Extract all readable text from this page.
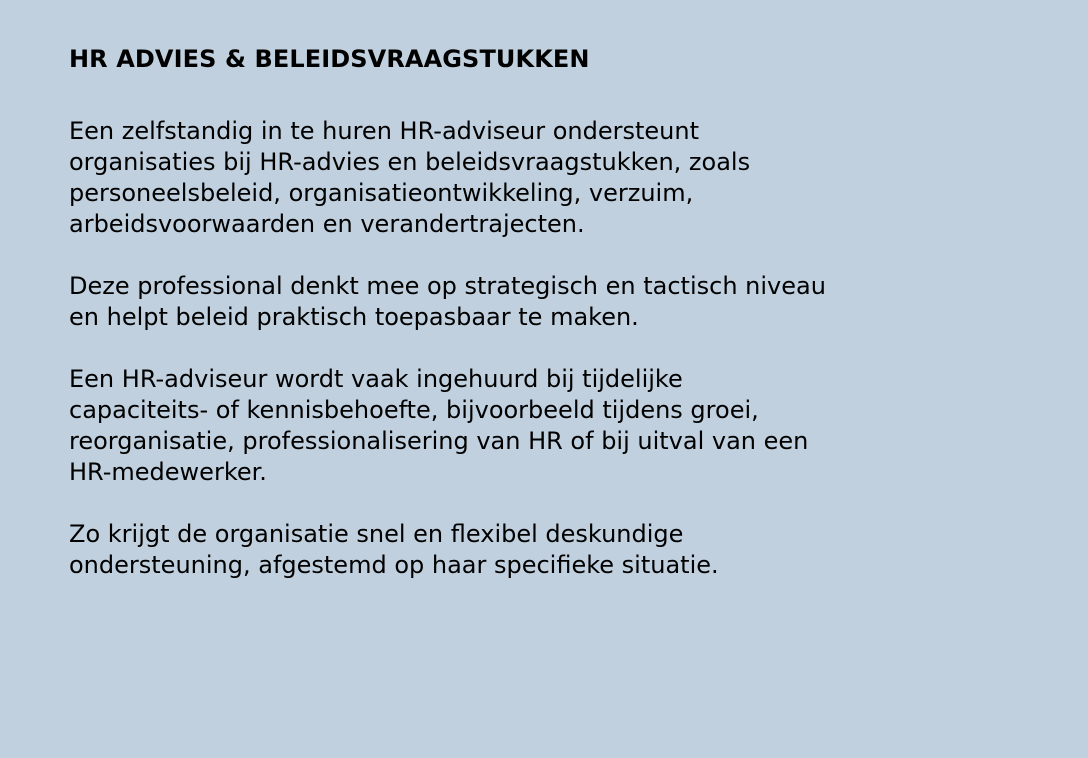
HR ADVIES & BELEIDSVRAAGSTUKKEN

Een zelfstandig in te huren HR-adviseur ondersteunt
organisaties bij HR-advies en beleidsvraagstukken, zoals
personeelsbeleid, organisatieontwikkeling, verzuim,
arbeidsvoorwaarden en verandertrajecten.

Deze professional denkt mee op strategisch en tactisch niveau
en helpt beleid praktisch toepasbaar te maken.

Een HR-adviseur wordt vaak ingehuurd bij tijdelijke
capaciteits- of kennisbehoefte, bijvoorbeeld tijdens groei,
reorganisatie, professionalisering van HR of bij uitval van een
HR-medewerker.

Zo krijgt de organisatie snel en flexibel deskundige
ondersteuning, afgestemd op haar specifieke situatie.
